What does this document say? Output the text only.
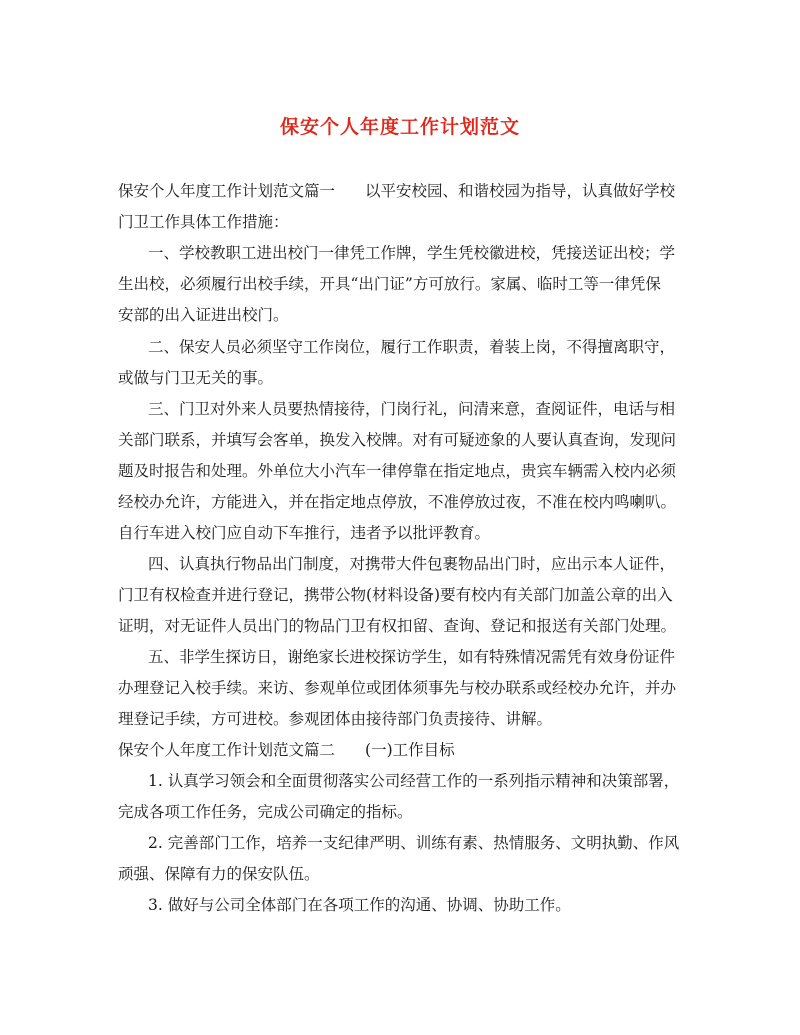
保安个人年度工作计划范文
保安个人年度工作计划范文篇一 以平安校园、和谐校园为指导，认真做好学校
门卫工作具体工作措施：
一、学校教职工进出校门一律凭工作牌，学生凭校徽进校，凭接送证出校；学
生出校，必须履行出校手续，开具“出门证”方可放行。家属、临时工等一律凭保
安部的出入证进出校门。
二、保安人员必须坚守工作岗位，履行工作职责，着装上岗，不得擅离职守，
或做与门卫无关的事。
三、门卫对外来人员要热情接待，门岗行礼，问清来意，查阅证件，电话与相
关部门联系，并填写会客单，换发入校牌。对有可疑迹象的人要认真查询，发现问
题及时报告和处理。外单位大小汽车一律停靠在指定地点，贵宾车辆需入校内必须
经校办允许，方能进入，并在指定地点停放，不准停放过夜，不准在校内鸣喇叭。
自行车进入校门应自动下车推行，违者予以批评教育。
四、认真执行物品出门制度，对携带大件包裹物品出门时，应出示本人证件，
门卫有权检查并进行登记，携带公物(材料设备)要有校内有关部门加盖公章的出入
证明，对无证件人员出门的物品门卫有权扣留、查询、登记和报送有关部门处理。
五、非学生探访日，谢绝家长进校探访学生，如有特殊情况需凭有效身份证件
办理登记入校手续。来访、参观单位或团体须事先与校办联系或经校办允许，并办
理登记手续，方可进校。参观团体由接待部门负责接待、讲解。
保安个人年度工作计划范文篇二 (一)工作目标
1. 认真学习领会和全面贯彻落实公司经营工作的一系列指示精神和决策部署，
完成各项工作任务，完成公司确定的指标。
2. 完善部门工作，培养一支纪律严明、训练有素、热情服务、文明执勤、作风
顽强、保障有力的保安队伍。
3. 做好与公司全体部门在各项工作的沟通、协调、协助工作。
